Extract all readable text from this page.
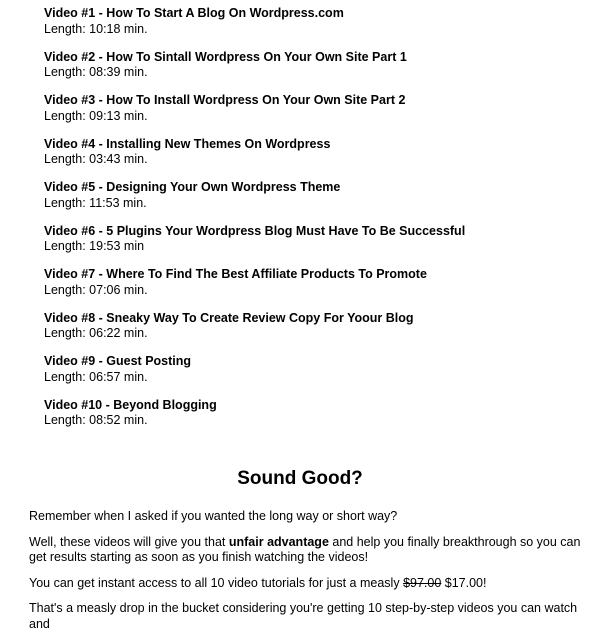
Video #1 - How To Start A Blog On Wordpress.com
Length: 10:18 min.
Video #2 - How To Sintall Wordpress On Your Own Site Part 1
Length: 08:39 min.
Video #3 - How To Install Wordpress On Your Own Site Part 2
Length: 09:13 min.
Video #4 - Installing New Themes On Wordpress
Length: 03:43 min.
Video #5 - Designing Your Own Wordpress Theme
Length: 11:53 min.
Video #6 - 5 Plugins Your Wordpress Blog Must Have To Be Successful
Length: 19:53 min
Video #7 - Where To Find The Best Affiliate Products To Promote
Length: 07:06 min.
Video #8 - Sneaky Way To Create Review Copy For Yoour Blog
Length: 06:22 min.
Video #9 - Guest Posting
Length: 06:57 min.
Video #10 - Beyond Blogging
Length: 08:52 min.
Sound Good?

Remember when I asked if you wanted the long way or short way?

Well, these videos will give you that unfair advantage and help you finally breakthrough so you can get results starting as soon as you finish watching the videos!

You can get instant access to all 10 video tutorials for just a measly $97.00 $17.00!

That's a measly drop in the bucket considering you're getting 10 step-by-step videos you can watch and
